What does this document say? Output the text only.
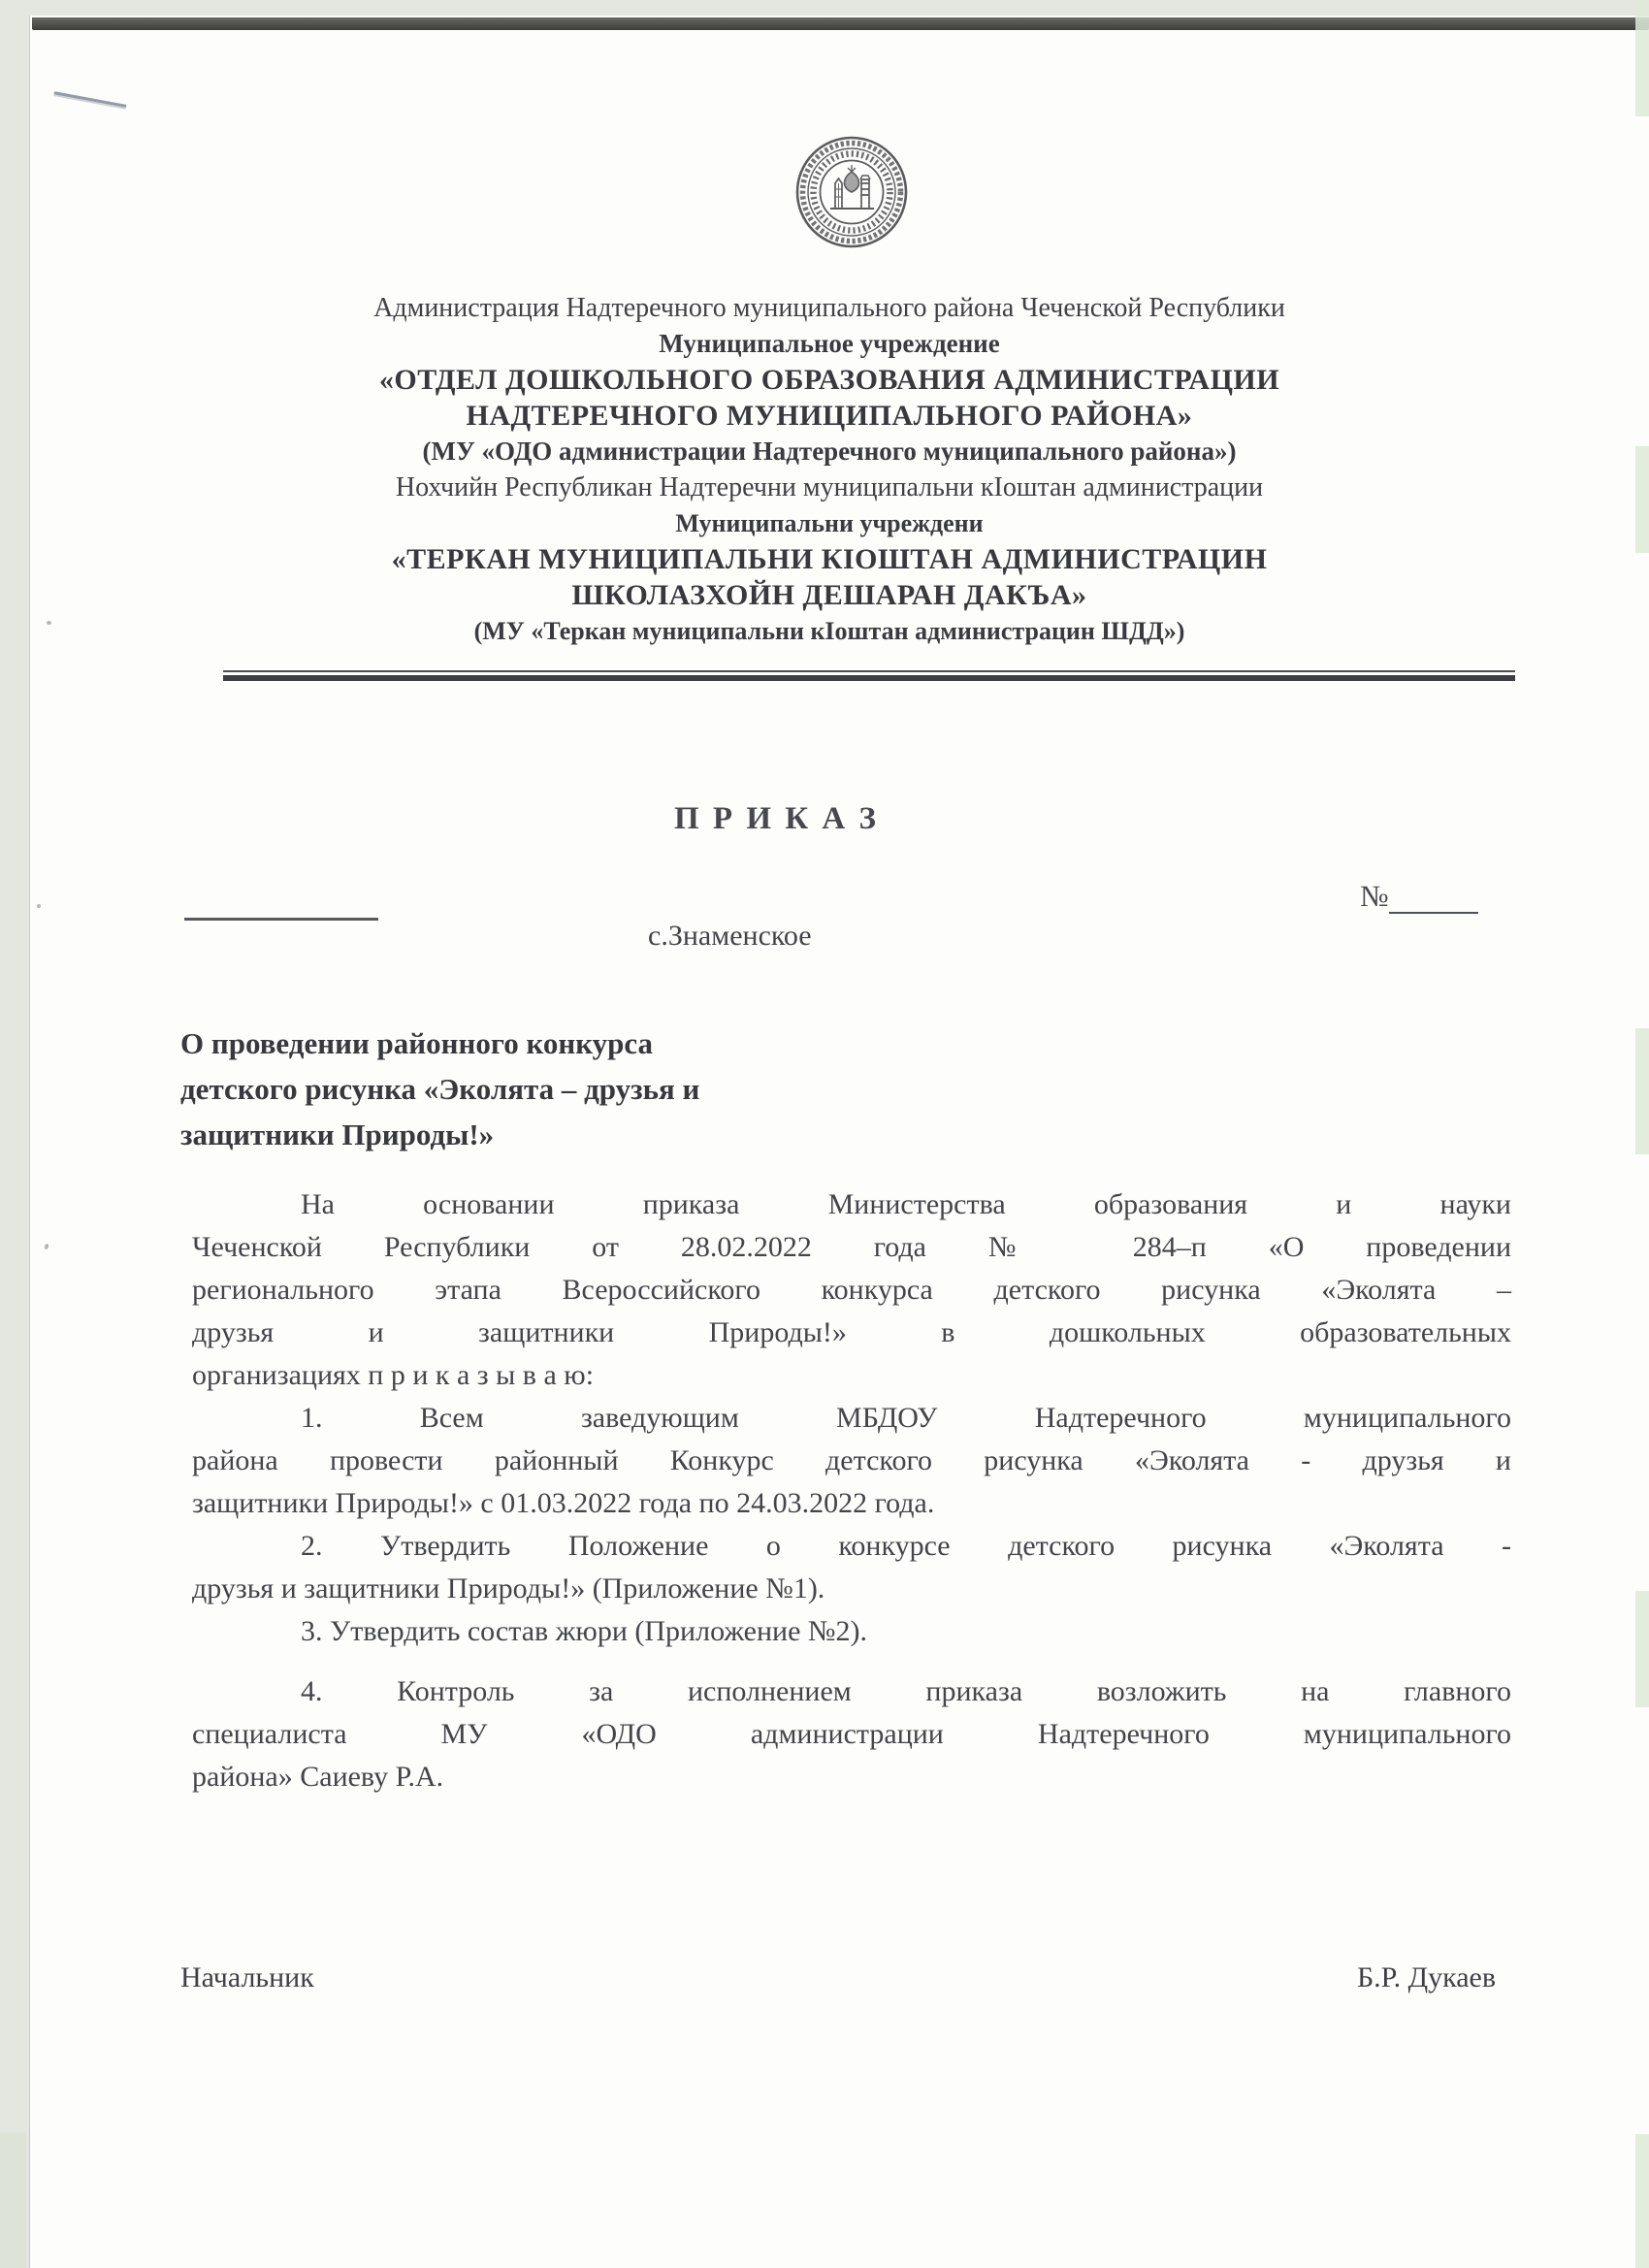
Администрация Надтеречного муниципального района Чеченской Республики
Муниципальное учреждение
«ОТДЕЛ ДОШКОЛЬНОГО ОБРАЗОВАНИЯ АДМИНИСТРАЦИИ
НАДТЕРЕЧНОГО МУНИЦИПАЛЬНОГО РАЙОНА»
(МУ «ОДО администрации Надтеречного муниципального района»)
Нохчийн Республикан Надтеречни муниципальни кIоштан администрации
Муниципальни учреждени
«ТЕРКАН МУНИЦИПАЛЬНИ КІОШТАН АДМИНИСТРАЦИН
ШКОЛАЗХОЙН ДЕШАРАН ДАКЪА»
(МУ «Теркан муниципальни кIоштан администрацин ШДД»)
П Р И К А З
№
с.Знаменское
О проведении районного конкурса
детского рисунка «Эколята – друзья и
защитники Природы!»

На основании приказа Министерства образования и науки
Чеченской Республики от 28.02.2022 года № 284–п «О проведении
регионального этапа Всероссийского конкурса детского рисунка «Эколята –
друзья и защитники Природы!» в дошкольных образовательных
организациях п р и к а з ы в а ю:

1. Всем заведующим МБДОУ Надтеречного муниципального
района провести районный Конкурс детского рисунка «Эколята - друзья и
защитники Природы!» с 01.03.2022 года по 24.03.2022 года.

2. Утвердить Положение о конкурсе детского рисунка «Эколята -
друзья и защитники Природы!» (Приложение №1).

3. Утвердить состав жюри (Приложение №2).

4. Контроль за исполнением приказа возложить на главного
специалиста МУ «ОДО администрации Надтеречного муниципального
района» Саиеву Р.А.

Начальник	Б.Р. Дукаев
